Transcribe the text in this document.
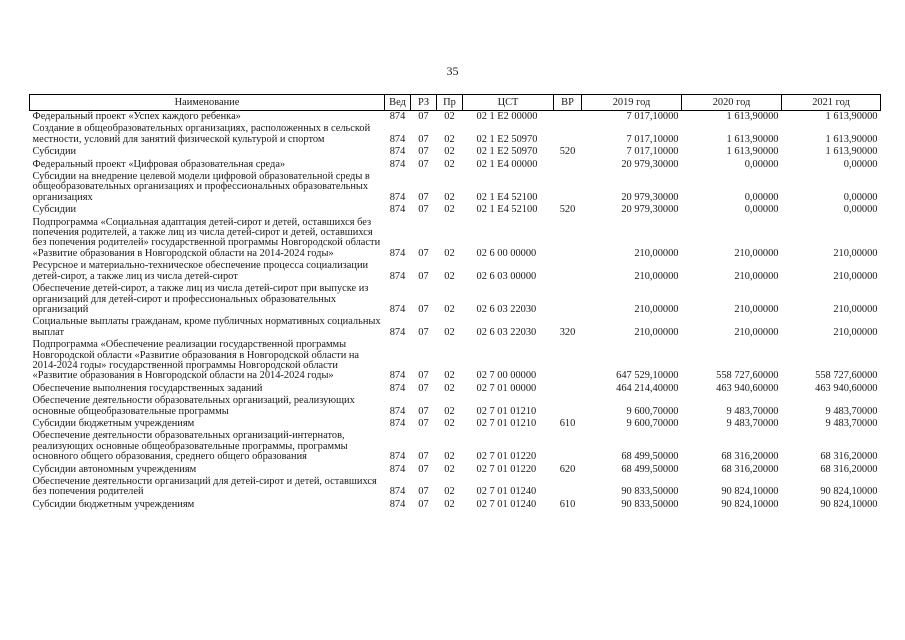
35
Наименование	Вед	РЗ	Пр	ЦСТ	ВР	2019 год	2020 год	2021 год
Федеральный проект «Успех каждого ребенка»	874	07	02	02 1 E2 00000		7 017,10000	1 613,90000	1 613,90000
Создание в общеобразовательных организациях, расположенных в сельской местности, условий для занятий физической культурой и спортом	874	07	02	02 1 E2 50970		7 017,10000	1 613,90000	1 613,90000
Субсидии	874	07	02	02 1 E2 50970	520	7 017,10000	1 613,90000	1 613,90000
Федеральный проект «Цифровая образовательная среда»	874	07	02	02 1 E4 00000		20 979,30000	0,00000	0,00000
Субсидии на внедрение целевой модели цифровой образовательной среды в общеобразовательных организациях и профессиональных образовательных организациях	874	07	02	02 1 E4 52100		20 979,30000	0,00000	0,00000
Субсидии	874	07	02	02 1 E4 52100	520	20 979,30000	0,00000	0,00000
Подпрограмма «Социальная адаптация детей-сирот и детей, оставшихся без попечения родителей, а также лиц из числа детей-сирот и детей, оставшихся без попечения родителей» государственной программы Новгородской области «Развитие образования в Новгородской области на 2014-2024 годы»	874	07	02	02 6 00 00000		210,00000	210,00000	210,00000
Ресурсное и материально-техническое обеспечение процесса социализации детей-сирот, а также лиц из числа детей-сирот	874	07	02	02 6 03 00000		210,00000	210,00000	210,00000
Обеспечение детей-сирот, а также лиц из числа детей-сирот при выпуске из организаций для детей-сирот и профессиональных образовательных организаций	874	07	02	02 6 03 22030		210,00000	210,00000	210,00000
Социальные выплаты гражданам, кроме публичных нормативных социальных выплат	874	07	02	02 6 03 22030	320	210,00000	210,00000	210,00000
Подпрограмма «Обеспечение реализации государственной программы Новгородской области «Развитие образования в Новгородской области на 2014-2024 годы» государственной программы Новгородской области «Развитие образования в Новгородской области на 2014-2024 годы»	874	07	02	02 7 00 00000		647 529,10000	558 727,60000	558 727,60000
Обеспечение выполнения государственных заданий	874	07	02	02 7 01 00000		464 214,40000	463 940,60000	463 940,60000
Обеспечение деятельности образовательных организаций, реализующих основные общеобразовательные программы	874	07	02	02 7 01 01210		9 600,70000	9 483,70000	9 483,70000
Субсидии бюджетным учреждениям	874	07	02	02 7 01 01210	610	9 600,70000	9 483,70000	9 483,70000
Обеспечение деятельности образовательных организаций-интернатов, реализующих основные общеобразовательные программы, программы основного общего образования, среднего общего образования	874	07	02	02 7 01 01220		68 499,50000	68 316,20000	68 316,20000
Субсидии автономным учреждениям	874	07	02	02 7 01 01220	620	68 499,50000	68 316,20000	68 316,20000
Обеспечение деятельности организаций для детей-сирот и детей, оставшихся без попечения родителей	874	07	02	02 7 01 01240		90 833,50000	90 824,10000	90 824,10000
Субсидии бюджетным учреждениям	874	07	02	02 7 01 01240	610	90 833,50000	90 824,10000	90 824,10000
